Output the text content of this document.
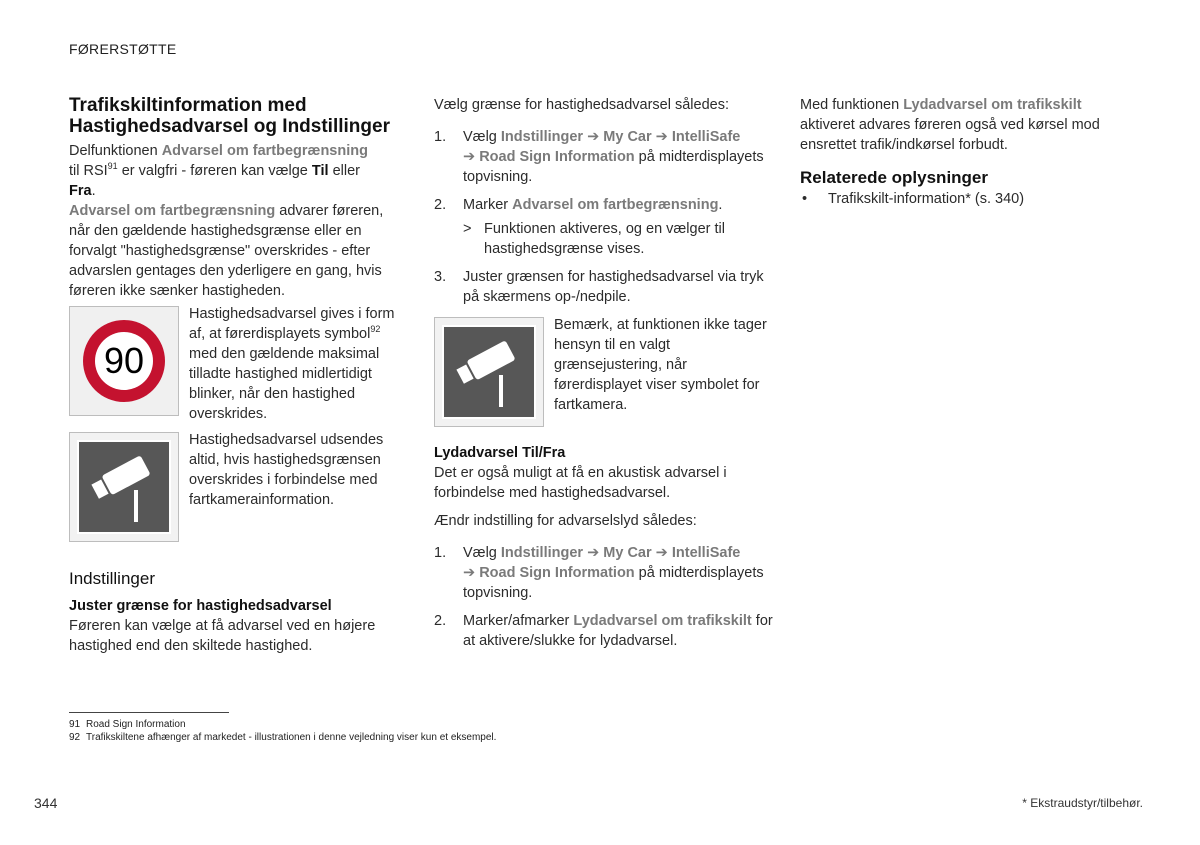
FØRERSTØTTE
Trafikskiltinformation med
Hastighedsadvarsel og Indstillinger

Delfunktionen Advarsel om fartbegrænsning
til RSI$^{91}$ er valgfri - føreren kan vælge Til eller
Fra.

Advarsel om fartbegrænsning advarer føreren, når den gældende hastighedsgrænse eller en forvalgt "hastighedsgrænse" overskrides - efter advarslen gentages den yderligere en gang, hvis føreren ikke sænker hastigheden.

90
Hastighedsadvarsel gives i form af, at førerdisplayets symbol$^{92}$ med den gældende maksimal tilladte hastighed midlertidigt blinker, når den hastighed overskrides.
Hastighedsadvarsel udsendes altid, hvis hastighedsgrænsen overskrides i forbindelse med fartkamerainformation.
Indstillinger
Juster grænse for hastighedsadvarsel

Føreren kan vælge at få advarsel ved en højere hastighed end den skiltede hastighed.

Vælg grænse for hastighedsadvarsel således:

1. Vælg Indstillinger ➔ My Car ➔ IntelliSafe
➔ Road Sign Information på midterdisplayets topvisning.
2. Marker Advarsel om fartbegrænsning.
> Funktionen aktiveres, og en vælger til hastighedsgrænse vises.
3. Juster grænsen for hastighedsadvarsel via tryk på skærmens op-/nedpile.
Bemærk, at funktionen ikke tager hensyn til en valgt grænsejustering, når førerdisplayet viser symbolet for fartkamera.
Lydadvarsel Til/Fra

Det er også muligt at få en akustisk advarsel i forbindelse med hastighedsadvarsel.

Ændr indstilling for advarselslyd således:

1. Vælg Indstillinger ➔ My Car ➔ IntelliSafe
➔ Road Sign Information på midterdisplayets topvisning.
2. Marker/afmarker Lydadvarsel om trafikskilt for at aktivere/slukke for lydadvarsel.

Med funktionen Lydadvarsel om trafikskilt aktiveret advares føreren også ved kørsel mod ensrettet trafik/indkørsel forbudt.

Relaterede oplysninger
• Trafikskilt-information* (s. 340)
91 Road Sign Information
92 Trafikskiltene afhænger af markedet - illustrationen i denne vejledning viser kun et eksempel.
344	* Ekstraudstyr/tilbehør.
